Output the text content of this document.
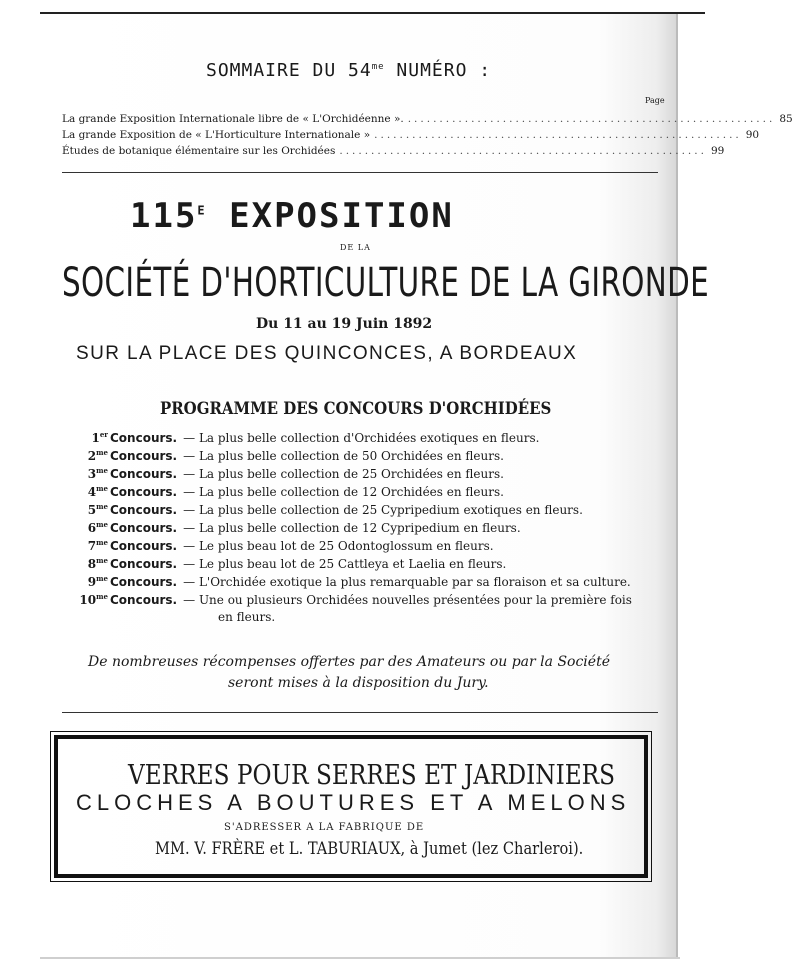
SOMMAIRE DU $54^{me}$ NUMÉRO :
Page
La grande Exposition Internationale libre de « L'Orchidéenne ». .......................................................... 85
La grande Exposition de « L'Horticulture Internationale » .......................................................... 90
Études de botanique élémentaire sur les Orchidées .......................................................... 99
$115^E$ EXPOSITION
DE LA
SOCIÉTÉ D'HORTICULTURE DE LA GIRONDE
Du 11 au 19 Juin 1892
SUR LA PLACE DES QUINCONCES, A BORDEAUX
PROGRAMME DES CONCOURS D'ORCHIDÉES
1er Concours. — La plus belle collection d'Orchidées exotiques en fleurs.
$2^{me}$ Concours. — La plus belle collection de 50 Orchidées en fleurs.
$3^{me}$ Concours. — La plus belle collection de 25 Orchidées en fleurs.
$4^{me}$ Concours. — La plus belle collection de 12 Orchidées en fleurs.
$5^{me}$ Concours. — La plus belle collection de 25 Cypripedium exotiques en fleurs.
$6^{me}$ Concours. — La plus belle collection de 12 Cypripedium en fleurs.
$7^{me}$ Concours. — Le plus beau lot de 25 Odontoglossum en fleurs.
$8^{me}$ Concours. — Le plus beau lot de 25 Cattleya et Laelia en fleurs.
$9^{me}$ Concours. — L'Orchidée exotique la plus remarquable par sa floraison et sa culture.
$10^{me}$ Concours. — Une ou plusieurs Orchidées nouvelles présentées pour la première fois
en fleurs.
De nombreuses récompenses offertes par des Amateurs ou par la Société
seront mises à la disposition du Jury.
VERRES POUR SERRES ET JARDINIERS
CLOCHES A BOUTURES ET A MELONS
S'ADRESSER A LA FABRIQUE DE
MM. V. FRÈRE et L. TABURIAUX, à Jumet (lez Charleroi).
